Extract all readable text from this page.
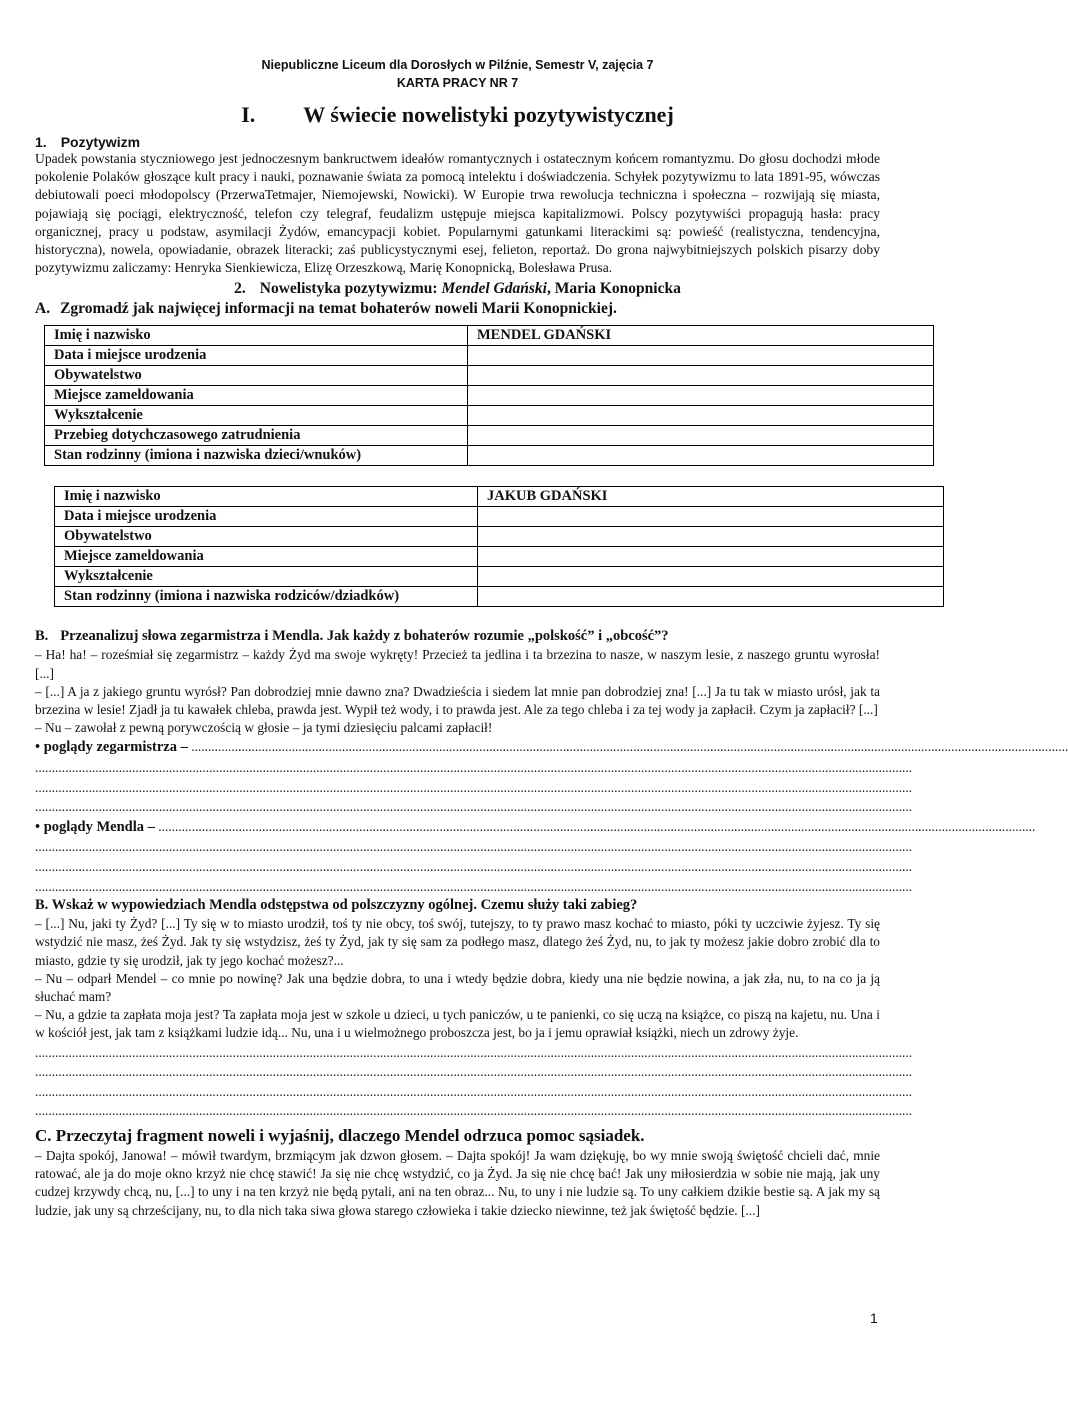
Niepubliczne Liceum dla Dorosłych w Pilźnie, Semestr V, zajęcia 7
KARTA PRACY NR 7
I. W świecie nowelistyki pozytywistycznej
1. Pozytywizm

Upadek powstania styczniowego jest jednoczesnym bankructwem ideałów romantycznych i ostatecznym końcem romantyzmu. Do głosu dochodzi młode pokolenie Polaków głoszące kult pracy i nauki, poznawanie świata za pomocą intelektu i doświadczenia. Schyłek pozytywizmu to lata 1891-95, wówczas debiutowali poeci młodopolscy (PrzerwaTetmajer, Niemojewski, Nowicki). W Europie trwa rewolucja techniczna i społeczna – rozwijają się miasta, pojawiają się pociągi, elektryczność, telefon czy telegraf, feudalizm ustępuje miejsca kapitalizmowi. Polscy pozytywiści propagują hasła: pracy organicznej, pracy u podstaw, asymilacji Żydów, emancypacji kobiet. Popularnymi gatunkami literackimi są: powieść (realistyczna, tendencyjna, historyczna), nowela, opowiadanie, obrazek literacki; zaś publicystycznymi esej, felieton, reportaż. Do grona najwybitniejszych polskich pisarzy doby pozytywizmu zaliczamy: Henryka Sienkiewicza, Elizę Orzeszkową, Marię Konopnicką, Bolesława Prusa.

2. Nowelistyka pozytywizmu: Mendel Gdański, Maria Konopnicka
A. Zgromadź jak najwięcej informacji na temat bohaterów noweli Marii Konopnickiej.
Imię i nazwisko	MENDEL GDAŃSKI
Data i miejsce urodzenia	
Obywatelstwo	
Miejsce zameldowania	
Wykształcenie	
Przebieg dotychczasowego zatrudnienia	
Stan rodzinny (imiona i nazwiska dzieci/wnuków)	
Imię i nazwisko	JAKUB GDAŃSKI
Data i miejsce urodzenia	
Obywatelstwo	
Miejsce zameldowania	
Wykształcenie	
Stan rodzinny (imiona i nazwiska rodziców/dziadków)	
B. Przeanalizuj słowa zegarmistrza i Mendla. Jak każdy z bohaterów rozumie „polskość” i „obcość”?

– Ha! ha! – roześmiał się zegarmistrz – każdy Żyd ma swoje wykręty! Przecież ta jedlina i ta brzezina to nasze, w naszym lesie, z naszego gruntu wyrosła! [...]

– [...] A ja z jakiego gruntu wyrósł? Pan dobrodziej mnie dawno zna? Dwadzieścia i siedem lat mnie pan dobrodziej zna! [...] Ja tu tak w miasto urósł, jak ta brzezina w lesie! Zjadł ja tu kawałek chleba, prawda jest. Wypił też wody, i to prawda jest. Ale za tego chleba i za tej wody ja zapłacił. Czym ja zapłacił? [...]

– Nu – zawołał z pewną porywczością w głosie – ja tymi dziesięciu palcami zapłacił!

• poglądy zegarmistrza – ......................................................................................................................................................................................................................................................................
......................................................................................................................................................................................................................................................................
......................................................................................................................................................................................................................................................................
......................................................................................................................................................................................................................................................................
• poglądy Mendla – ......................................................................................................................................................................................................................................................................
......................................................................................................................................................................................................................................................................
......................................................................................................................................................................................................................................................................
......................................................................................................................................................................................................................................................................
B. Wskaż w wypowiedziach Mendla odstępstwa od polszczyzny ogólnej. Czemu służy taki zabieg?

– [...] Nu, jaki ty Żyd? [...] Ty się w to miasto urodził, toś ty nie obcy, toś swój, tutejszy, to ty prawo masz kochać to miasto, póki ty uczciwie żyjesz. Ty się wstydzić nie masz, żeś Żyd. Jak ty się wstydzisz, żeś ty Żyd, jak ty się sam za podłego masz, dlatego żeś Żyd, nu, to jak ty możesz jakie dobro zrobić dla to miasto, gdzie ty się urodził, jak ty jego kochać możesz?...

– Nu – odparł Mendel – co mnie po nowinę? Jak una będzie dobra, to una i wtedy będzie dobra, kiedy una nie będzie nowina, a jak zła, nu, to na co ja ją słuchać mam?

– Nu, a gdzie ta zapłata moja jest? Ta zapłata moja jest w szkole u dzieci, u tych paniczów, u te panienki, co się uczą na książce, co piszą na kajetu, nu. Una i w kościół jest, jak tam z książkami ludzie idą... Nu, una i u wielmożnego proboszcza jest, bo ja i jemu oprawiał książki, niech un zdrowy żyje.

......................................................................................................................................................................................................................................................................
......................................................................................................................................................................................................................................................................
......................................................................................................................................................................................................................................................................
......................................................................................................................................................................................................................................................................
C. Przeczytaj fragment noweli i wyjaśnij, dlaczego Mendel odrzuca pomoc sąsiadek.

– Dajta spokój, Janowa! – mówił twardym, brzmiącym jak dzwon głosem. – Dajta spokój! Ja wam dziękuję, bo wy mnie swoją świętość chcieli dać, mnie ratować, ale ja do moje okno krzyż nie chcę stawić! Ja się nie chcę wstydzić, co ja Żyd. Ja się nie chcę bać! Jak uny miłosierdzia w sobie nie mają, jak uny cudzej krzywdy chcą, nu, [...] to uny i na ten krzyż nie będą pytali, ani na ten obraz... Nu, to uny i nie ludzie są. To uny całkiem dzikie bestie są. A jak my są ludzie, jak uny są chrześcijany, nu, to dla nich taka siwa głowa starego człowieka i takie dziecko niewinne, też jak świętość będzie. [...]

1
